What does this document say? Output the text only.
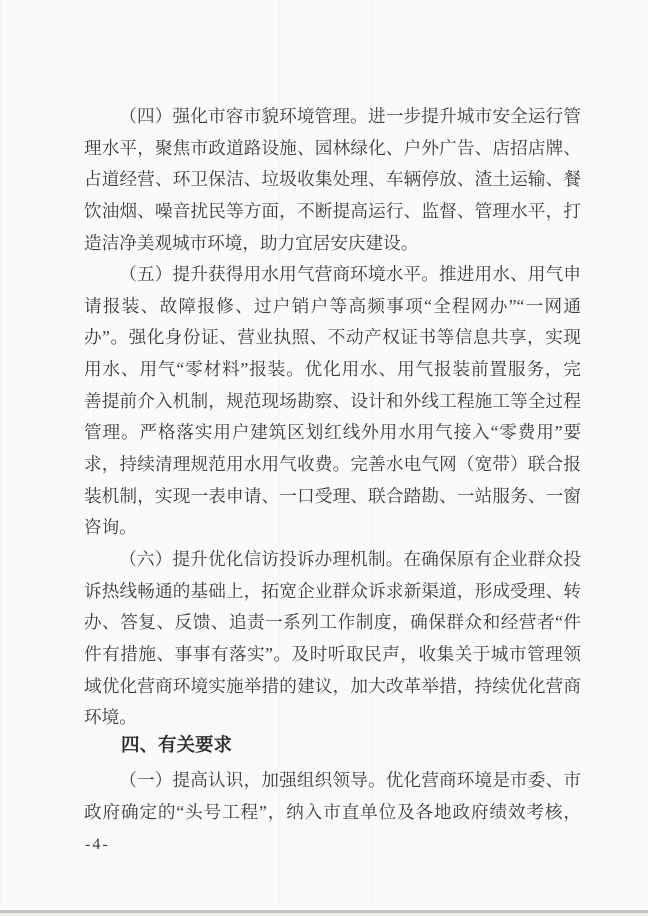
（四）强化市容市貌环境管理。进一步提升城市安全运行管
理水平，聚焦市政道路设施、园林绿化、户外广告、店招店牌、
占道经营、环卫保洁、垃圾收集处理、车辆停放、渣土运输、餐
饮油烟、噪音扰民等方面，不断提高运行、监督、管理水平，打
造洁净美观城市环境，助力宜居安庆建设。
（五）提升获得用水用气营商环境水平。推进用水、用气申
请报装、故障报修、过户销户等高频事项“全程网办”“一网通
办”。强化身份证、营业执照、不动产权证书等信息共享，实现
用水、用气“零材料”报装。优化用水、用气报装前置服务，完
善提前介入机制，规范现场勘察、设计和外线工程施工等全过程
管理。严格落实用户建筑区划红线外用水用气接入“零费用”要
求，持续清理规范用水用气收费。完善水电气网（宽带）联合报
装机制，实现一表申请、一口受理、联合踏勘、一站服务、一窗
咨询。
（六）提升优化信访投诉办理机制。在确保原有企业群众投
诉热线畅通的基础上，拓宽企业群众诉求新渠道，形成受理、转
办、答复、反馈、追责一系列工作制度，确保群众和经营者“件
件有措施、事事有落实”。及时听取民声，收集关于城市管理领
域优化营商环境实施举措的建议，加大改革举措，持续优化营商
环境。
四、有关要求
（一）提高认识，加强组织领导。优化营商环境是市委、市
政府确定的“头号工程”，纳入市直单位及各地政府绩效考核，
-4-
